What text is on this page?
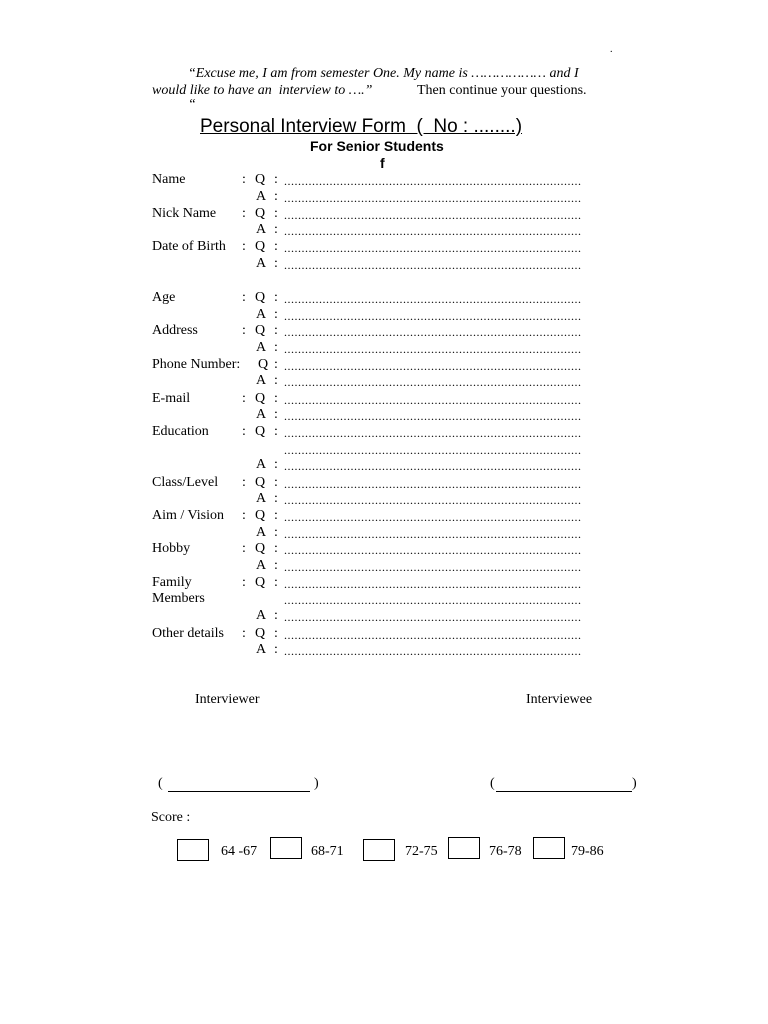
.
“Excuse me, I am from semester One. My name is ……………… and I
would like to have an  interview to ….”	Then continue your questions.
“
Personal Interview Form  (  No : ........)
For Senior Students
f
Name	: Q : .....................................................................................
A : .....................................................................................
Nick Name : Q : .....................................................................................
A : .....................................................................................
Date of Birth : Q : .....................................................................................
A : .....................................................................................
Age	: Q : .....................................................................................
A : .....................................................................................
Address	: Q : .....................................................................................
A : .....................................................................................
Phone Number: Q : .....................................................................................
A : .....................................................................................
E-mail	: Q : .....................................................................................
A : .....................................................................................
Education : Q : .....................................................................................
.....................................................................................
A : .....................................................................................
Class/Level : Q : .....................................................................................
A : .....................................................................................
Aim / Vision : Q : .....................................................................................
A : .....................................................................................
Hobby	: Q : .....................................................................................
A : .....................................................................................
Family	: Q : .....................................................................................
Members	.....................................................................................
A : .....................................................................................
Other details : Q : .....................................................................................
A : .....................................................................................
Interviewer	Interviewee
(	)	(	)
Score :
64 -67	68-71	72-75	76-78	79-86
